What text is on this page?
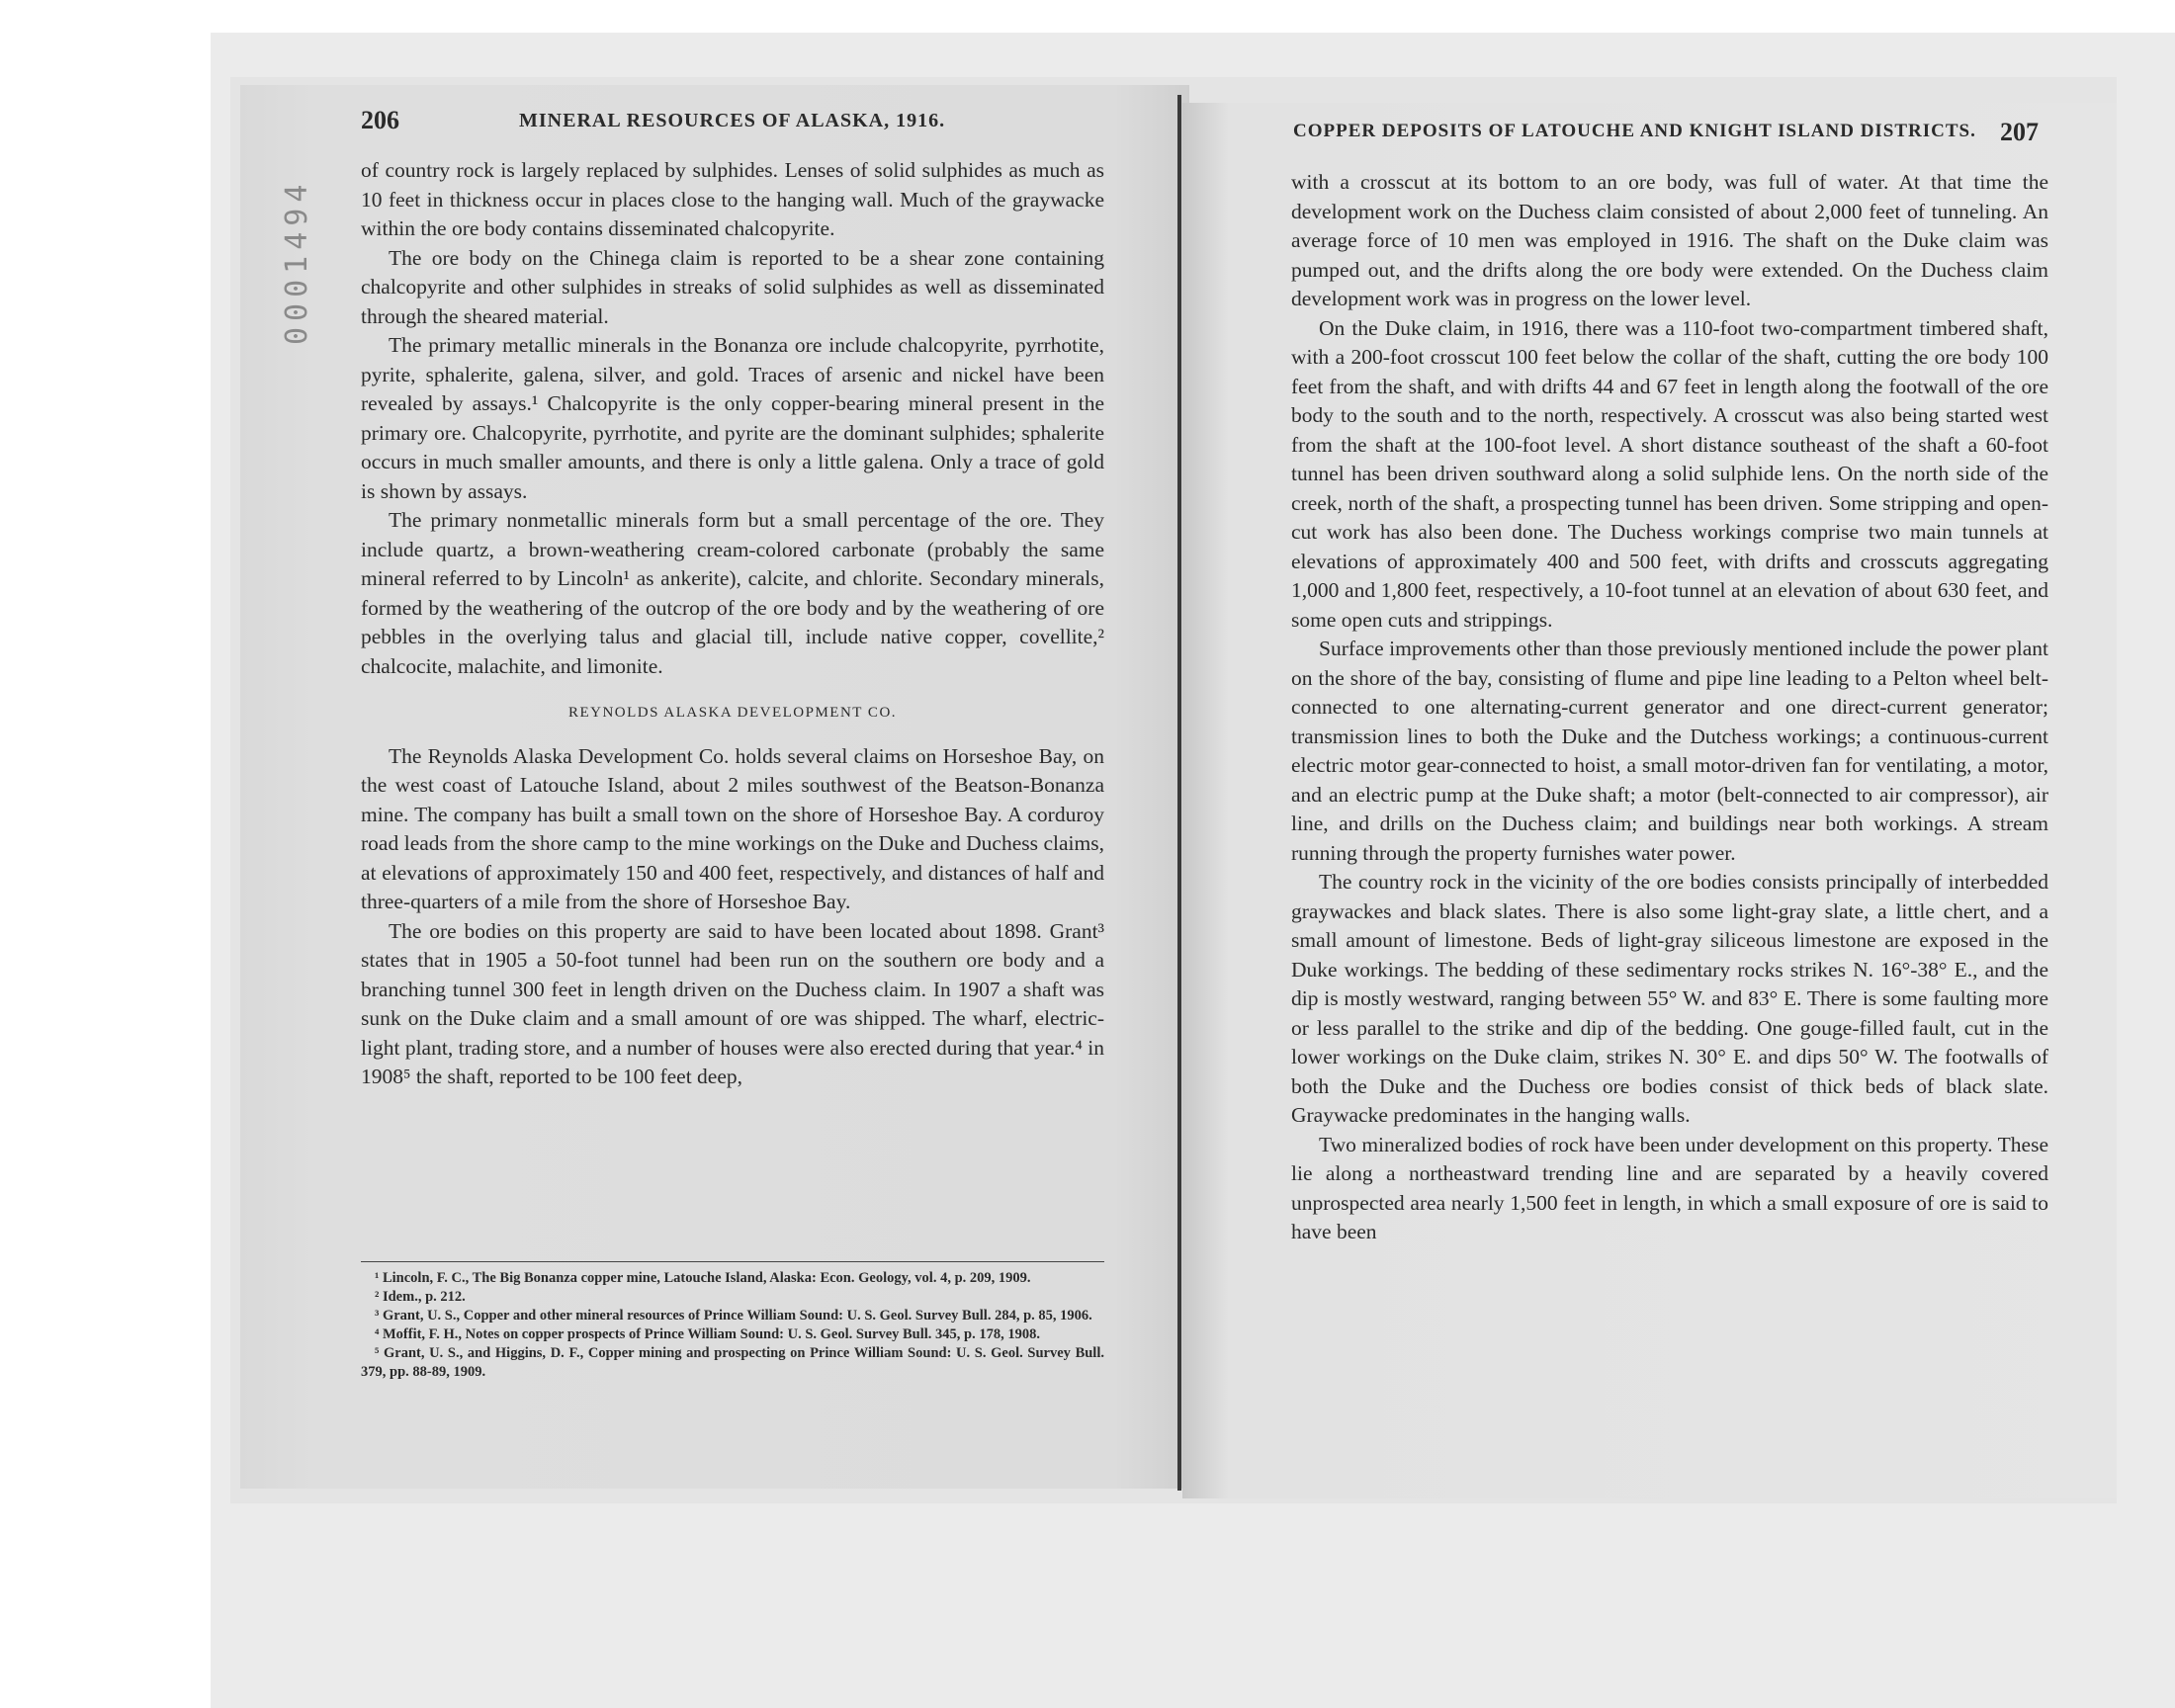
206	MINERAL RESOURCES OF ALASKA, 1916.

of country rock is largely replaced by sulphides. Lenses of solid sulphides as much as 10 feet in thickness occur in places close to the hanging wall. Much of the graywacke within the ore body contains disseminated chalcopyrite.

The ore body on the Chinega claim is reported to be a shear zone containing chalcopyrite and other sulphides in streaks of solid sulphides as well as disseminated through the sheared material.

The primary metallic minerals in the Bonanza ore include chalcopyrite, pyrrhotite, pyrite, sphalerite, galena, silver, and gold. Traces of arsenic and nickel have been revealed by assays.¹ Chalcopyrite is the only copper-bearing mineral present in the primary ore. Chalcopyrite, pyrrhotite, and pyrite are the dominant sulphides; sphalerite occurs in much smaller amounts, and there is only a little galena. Only a trace of gold is shown by assays.

The primary nonmetallic minerals form but a small percentage of the ore. They include quartz, a brown-weathering cream-colored carbonate (probably the same mineral referred to by Lincoln¹ as ankerite), calcite, and chlorite. Secondary minerals, formed by the weathering of the outcrop of the ore body and by the weathering of ore pebbles in the overlying talus and glacial till, include native copper, covellite,² chalcocite, malachite, and limonite.

REYNOLDS ALASKA DEVELOPMENT CO.

The Reynolds Alaska Development Co. holds several claims on Horseshoe Bay, on the west coast of Latouche Island, about 2 miles southwest of the Beatson-Bonanza mine. The company has built a small town on the shore of Horseshoe Bay. A corduroy road leads from the shore camp to the mine workings on the Duke and Duchess claims, at elevations of approximately 150 and 400 feet, respectively, and distances of half and three-quarters of a mile from the shore of Horseshoe Bay.

The ore bodies on this property are said to have been located about 1898. Grant³ states that in 1905 a 50-foot tunnel had been run on the southern ore body and a branching tunnel 300 feet in length driven on the Duchess claim. In 1907 a shaft was sunk on the Duke claim and a small amount of ore was shipped. The wharf, electric-light plant, trading store, and a number of houses were also erected during that year.⁴ in 1908⁵ the shaft, reported to be 100 feet deep,

¹ Lincoln, F. C., The Big Bonanza copper mine, Latouche Island, Alaska: Econ. Geology, vol. 4, p. 209, 1909.
² Idem., p. 212.
³ Grant, U. S., Copper and other mineral resources of Prince William Sound: U. S. Geol. Survey Bull. 284, p. 85, 1906.
⁴ Moffit, F. H., Notes on copper prospects of Prince William Sound: U. S. Geol. Survey Bull. 345, p. 178, 1908.
⁵ Grant, U. S., and Higgins, D. F., Copper mining and prospecting on Prince William Sound: U. S. Geol. Survey Bull. 379, pp. 88-89, 1909.
0001494
COPPER DEPOSITS OF LATOUCHE AND KNIGHT ISLAND DISTRICTS. 207

with a crosscut at its bottom to an ore body, was full of water. At that time the development work on the Duchess claim consisted of about 2,000 feet of tunneling. An average force of 10 men was employed in 1916. The shaft on the Duke claim was pumped out, and the drifts along the ore body were extended. On the Duchess claim development work was in progress on the lower level.

On the Duke claim, in 1916, there was a 110-foot two-compartment timbered shaft, with a 200-foot crosscut 100 feet below the collar of the shaft, cutting the ore body 100 feet from the shaft, and with drifts 44 and 67 feet in length along the footwall of the ore body to the south and to the north, respectively. A crosscut was also being started west from the shaft at the 100-foot level. A short distance southeast of the shaft a 60-foot tunnel has been driven southward along a solid sulphide lens. On the north side of the creek, north of the shaft, a prospecting tunnel has been driven. Some stripping and open-cut work has also been done. The Duchess workings comprise two main tunnels at elevations of approximately 400 and 500 feet, with drifts and crosscuts aggregating 1,000 and 1,800 feet, respectively, a 10-foot tunnel at an elevation of about 630 feet, and some open cuts and strippings.

Surface improvements other than those previously mentioned include the power plant on the shore of the bay, consisting of flume and pipe line leading to a Pelton wheel belt-connected to one alternating-current generator and one direct-current generator; transmission lines to both the Duke and the Dutchess workings; a continuous-current electric motor gear-connected to hoist, a small motor-driven fan for ventilating, a motor, and an electric pump at the Duke shaft; a motor (belt-connected to air compressor), air line, and drills on the Duchess claim; and buildings near both workings. A stream running through the property furnishes water power.

The country rock in the vicinity of the ore bodies consists principally of interbedded graywackes and black slates. There is also some light-gray slate, a little chert, and a small amount of limestone. Beds of light-gray siliceous limestone are exposed in the Duke workings. The bedding of these sedimentary rocks strikes N. 16°-38° E., and the dip is mostly westward, ranging between 55° W. and 83° E. There is some faulting more or less parallel to the strike and dip of the bedding. One gouge-filled fault, cut in the lower workings on the Duke claim, strikes N. 30° E. and dips 50° W. The footwalls of both the Duke and the Duchess ore bodies consist of thick beds of black slate. Graywacke predominates in the hanging walls.

Two mineralized bodies of rock have been under development on this property. These lie along a northeastward trending line and are separated by a heavily covered unprospected area nearly 1,500 feet in length, in which a small exposure of ore is said to have been
